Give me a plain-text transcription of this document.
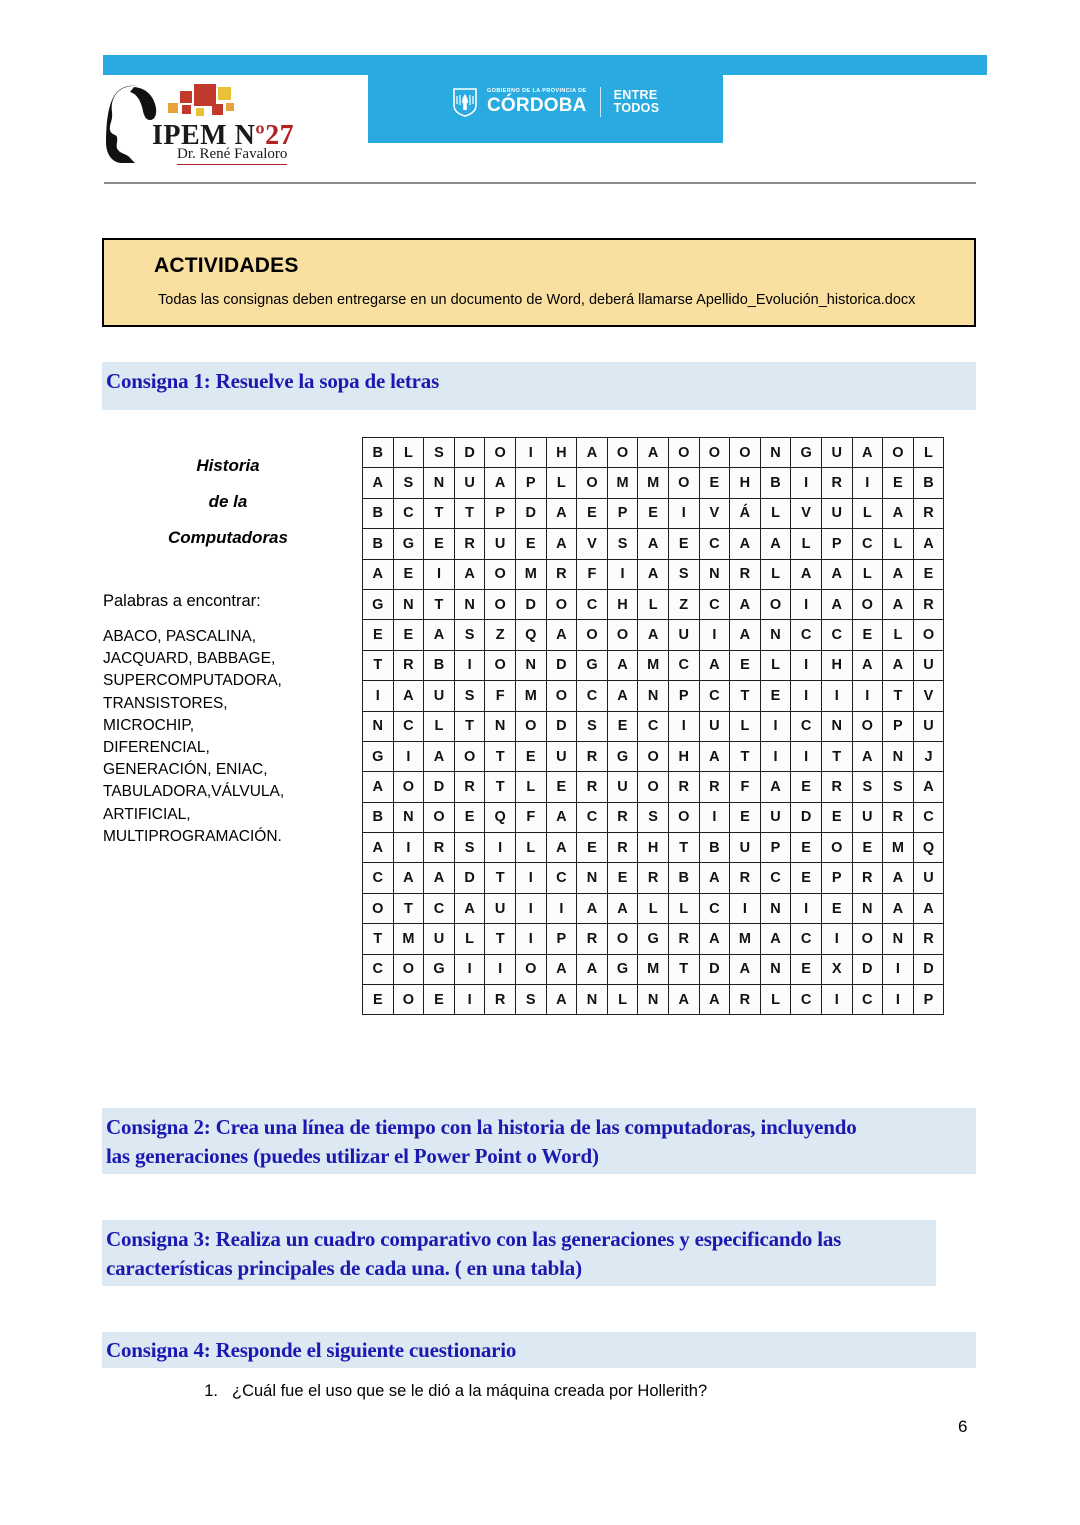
GOBIERNO DE LA PROVINCIA DE
CÓRDOBA ENTRE
TODOS
IPEM Nº27
Dr. René Favaloro
ACTIVIDADES
Todas las consignas deben entregarse en un documento de Word, deberá llamarse Apellido_Evolución_historica.docx
Consigna 1: Resuelve la sopa de letras
Historia
de la
Computadoras
Palabras a encontrar:
ABACO, PASCALINA,
JACQUARD, BABBAGE,
SUPERCOMPUTADORA,
TRANSISTORES,
MICROCHIP,
DIFERENCIAL,
GENERACIÓN, ENIAC,
TABULADORA,VÁLVULA,
ARTIFICIAL,
MULTIPROGRAMACIÓN.
B	L	S	D	O	I	H	A	O	A	O	O	O	N	G	U	A	O	L
A	S	N	U	A	P	L	O	M	M	O	E	H	B	I	R	I	E	B
B	C	T	T	P	D	A	E	P	E	I	V	Á	L	V	U	L	A	R
B	G	E	R	U	E	A	V	S	A	E	C	A	A	L	P	C	L	A
A	E	I	A	O	M	R	F	I	A	S	N	R	L	A	A	L	A	E
G	N	T	N	O	D	O	C	H	L	Z	C	A	O	I	A	O	A	R
E	E	A	S	Z	Q	A	O	O	A	U	I	A	N	C	C	E	L	O
T	R	B	I	O	N	D	G	A	M	C	A	E	L	I	H	A	A	U
I	A	U	S	F	M	O	C	A	N	P	C	T	E	I	I	I	T	V
N	C	L	T	N	O	D	S	E	C	I	U	L	I	C	N	O	P	U
G	I	A	O	T	E	U	R	G	O	H	A	T	I	I	T	A	N	J
A	O	D	R	T	L	E	R	U	O	R	R	F	A	E	R	S	S	A
B	N	O	E	Q	F	A	C	R	S	O	I	E	U	D	E	U	R	C
A	I	R	S	I	L	A	E	R	H	T	B	U	P	E	O	E	M	Q
C	A	A	D	T	I	C	N	E	R	B	A	R	C	E	P	R	A	U
O	T	C	A	U	I	I	A	A	L	L	C	I	N	I	E	N	A	A
T	M	U	L	T	I	P	R	O	G	R	A	M	A	C	I	O	N	R
C	O	G	I	I	O	A	A	G	M	T	D	A	N	E	X	D	I	D
E	O	E	I	R	S	A	N	L	N	A	A	R	L	C	I	C	I	P
Consigna 2: Crea una línea de tiempo con la historia de las computadoras, incluyendo
las generaciones (puedes utilizar el Power Point o Word)
Consigna 3: Realiza un cuadro comparativo con las generaciones y especificando las
características principales de cada una. ( en una tabla)
Consigna 4: Responde el siguiente cuestionario
1. ¿Cuál fue el uso que se le dió a la máquina creada por Hollerith?
6
